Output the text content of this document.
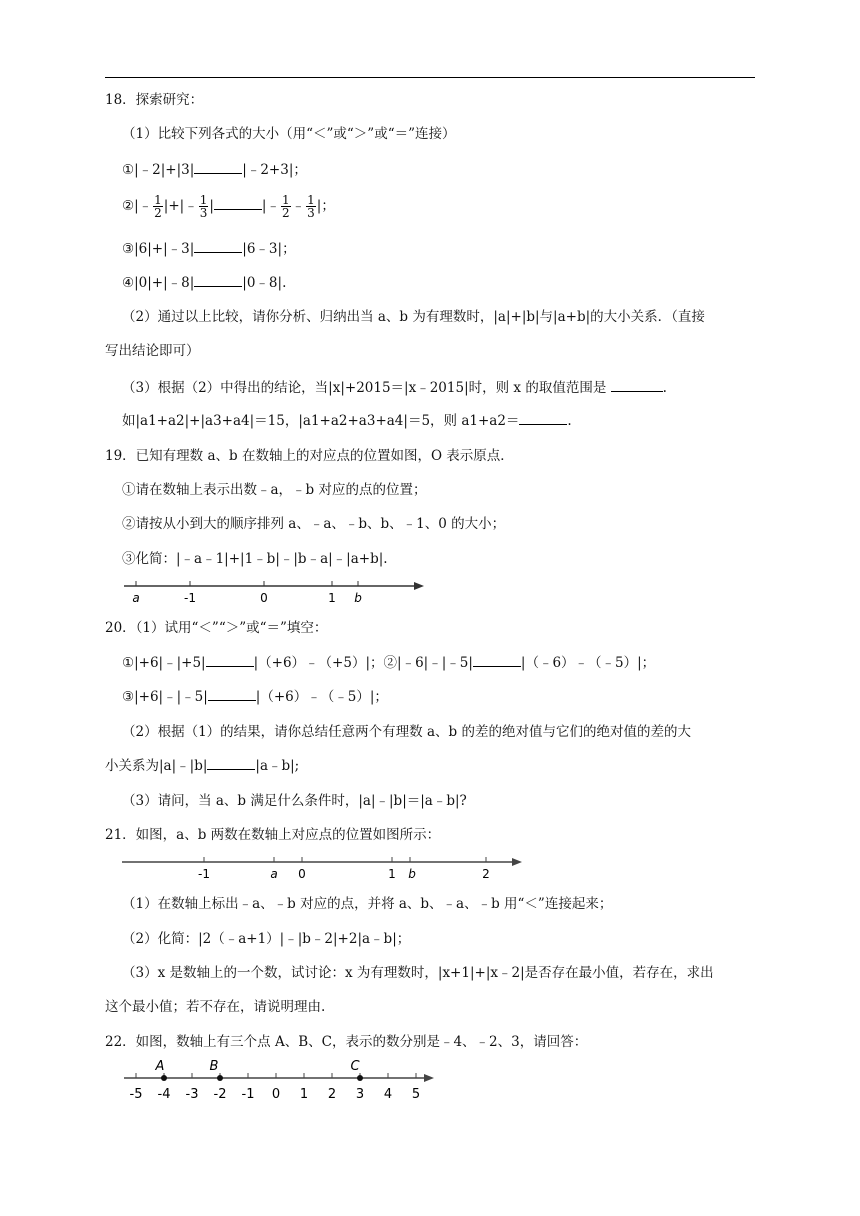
18．探索研究：
（1）比较下列各式的大小（用“＜”或“＞”或“＝”连接）
①|﹣2|+|3|	|﹣2+3|；
②|﹣ $\frac{1}{2}$ |+|﹣ $\frac{1}{3}$ |	|﹣ $\frac{1}{2}$ ﹣ $\frac{1}{3}$ |；
③|6|+|﹣3|	|6﹣3|；
④|0|+|﹣8|	|0﹣8|.
（2）通过以上比较，请你分析、归纳出当 a、b 为有理数时，|a|+|b|与|a+b|的大小关系．（直接
写出结论即可）
（3）根据（2）中得出的结论，当|x|+2015＝|x﹣2015|时，则 x 的取值范围是	.
如|a1+a2|+|a3+a4|＝15，|a1+a2+a3+a4|＝5，则 a1+a2＝	.
19．已知有理数 a、b 在数轴上的对应点的位置如图，O 表示原点．
①请在数轴上表示出数﹣a，﹣b 对应的点的位置；
②请按从小到大的顺序排列 a、﹣a、﹣b、b、﹣1、0 的大小；
③化简：|﹣a﹣1|+|1﹣b|﹣|b﹣a|﹣|a+b|.
a	-1	0	1 b
20．（1）试用“＜”“＞”或“＝”填空：
①|+6|﹣|+5|	|（+6）﹣（+5）|；②|﹣6|﹣|﹣5|	|（﹣6）﹣（﹣5）|；
③|+6|﹣|﹣5|	|（+6）﹣（﹣5）|；
（2）根据（1）的结果，请你总结任意两个有理数 a、b 的差的绝对值与它们的绝对值的差的大
小关系为|a|﹣|b|	|a﹣b|;
（3）请问，当 a、b 满足什么条件时，|a|﹣|b|＝|a﹣b|?
21．如图，a、b 两数在数轴上对应点的位置如图所示：
-1	a 0	1 b	2
（1）在数轴上标出﹣a、﹣b 对应的点，并将 a、b、﹣a、﹣b 用“＜”连接起来；
（2）化简：|2（﹣a+1）|﹣|b﹣2|+2|a﹣b|；
（3）x 是数轴上的一个数，试讨论：x 为有理数时，|x+1|+|x﹣2|是否存在最小值，若存在，求出
这个最小值；若不存在，请说明理由.
22．如图，数轴上有三个点 A、B、C，表示的数分别是﹣4、﹣2、3，请回答：
A	B	C
-5 -4 -3 -2 -1 0 1 2 3 4 5
